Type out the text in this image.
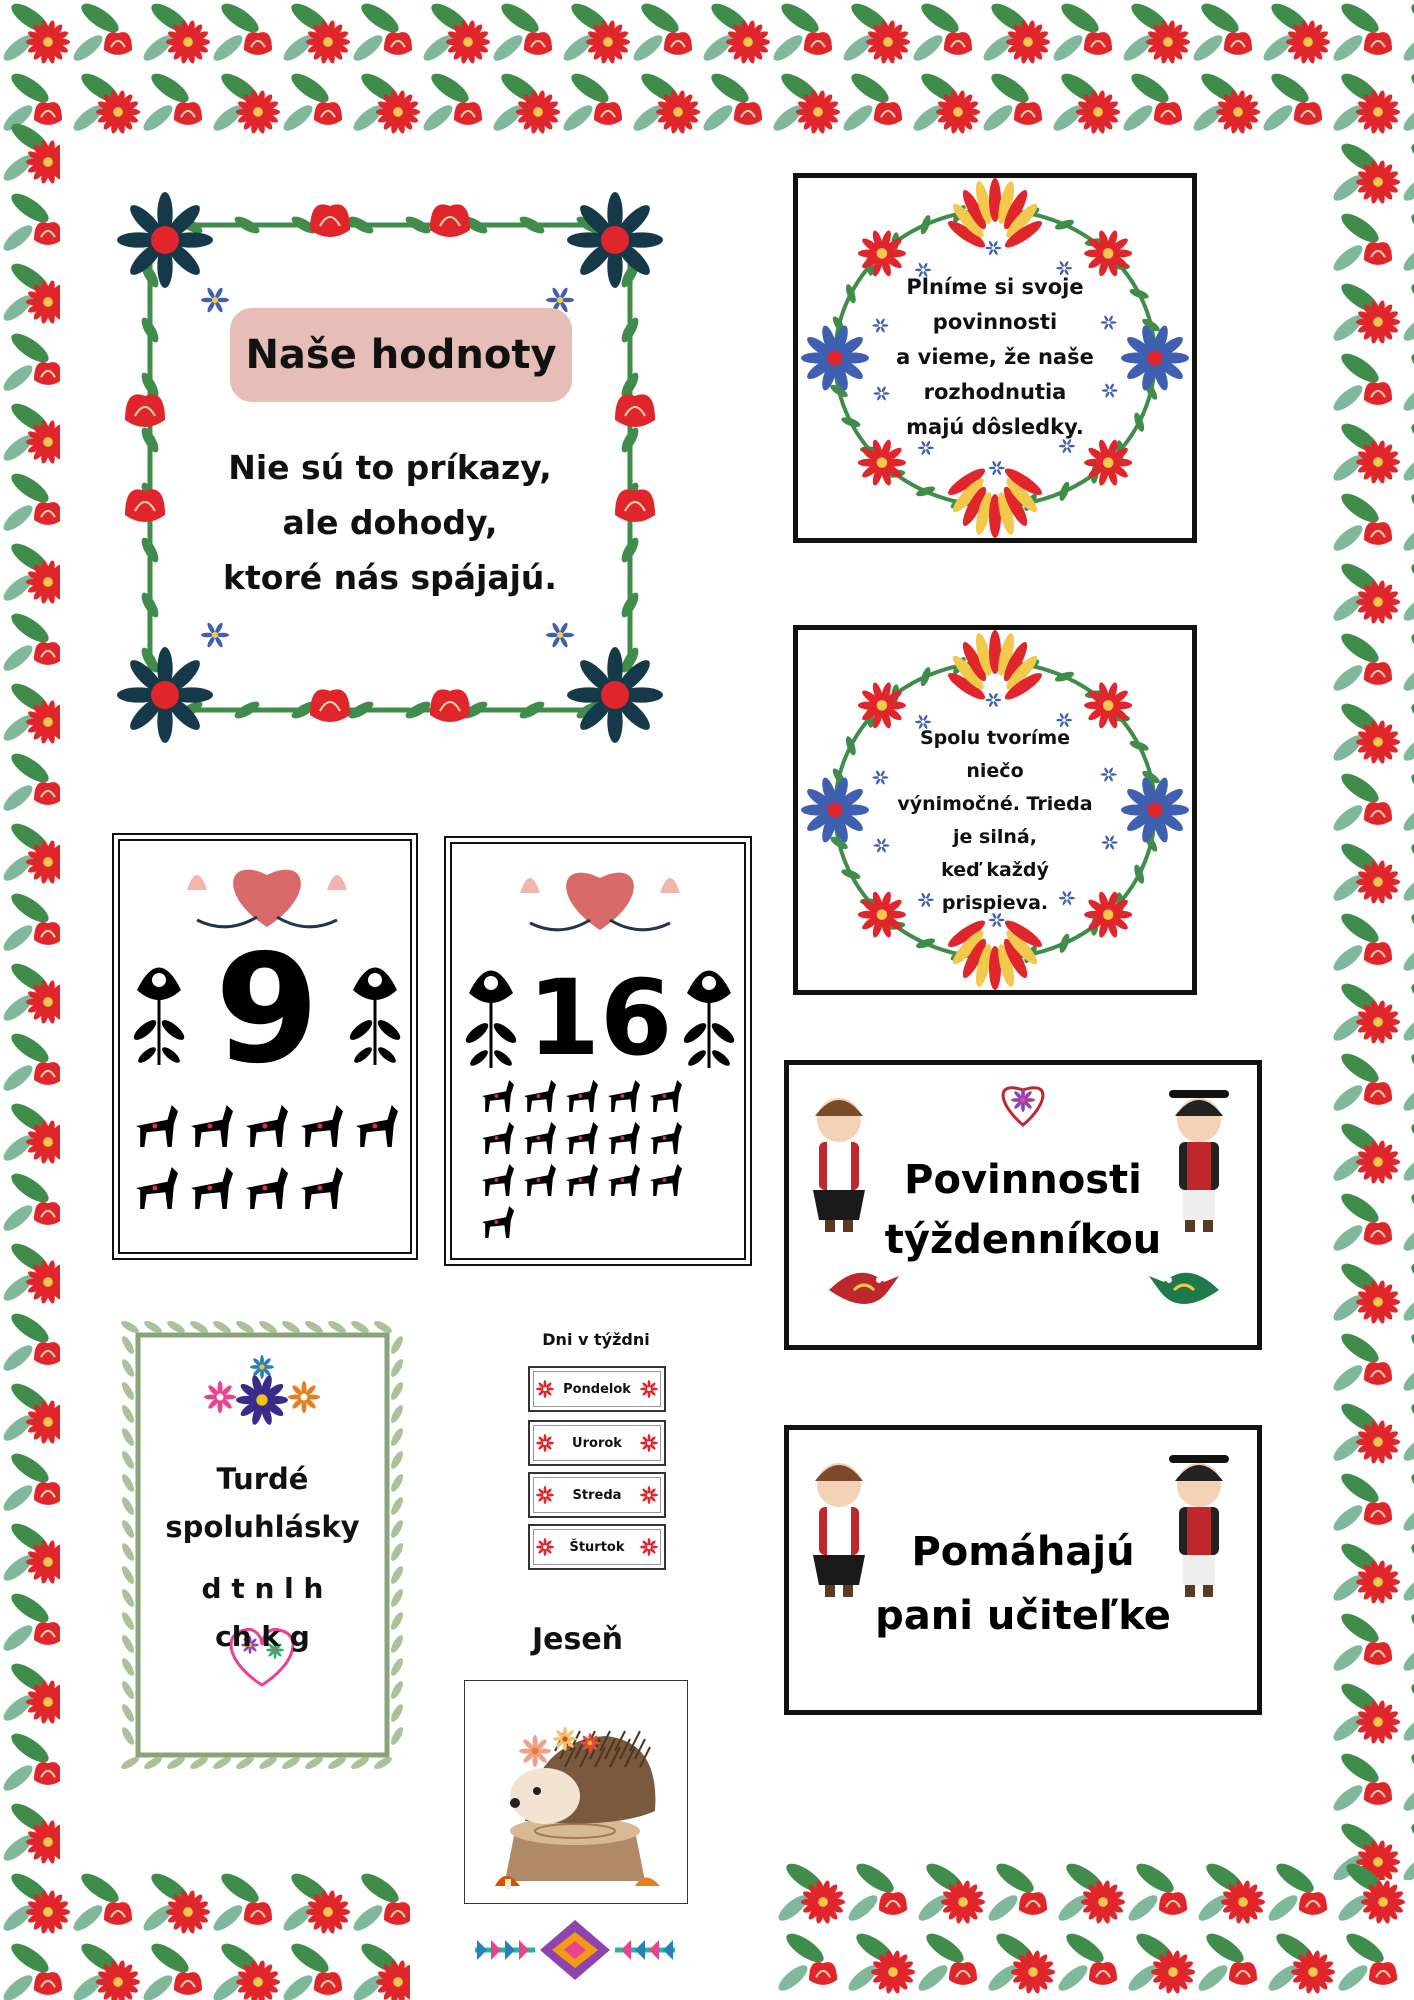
Naše hodnoty
Nie sú to príkazy,
ale dohody,
ktoré nás spájajú.
Plníme si svoje
povinnosti
a vieme, že naše
rozhodnutia
majú dôsledky.
Spolu tvoríme
niečo
výnimočné. Trieda
je silná,
keď každý
prispieva.
9	16
Povinnosti
týždenníkou
Pomáhajú
pani učiteľke
Turdé
spoluhlásky
d t n l h
ch k g
Dni v týždni
Pondelok
Urorok
Streda
Šturtok
Jeseň
